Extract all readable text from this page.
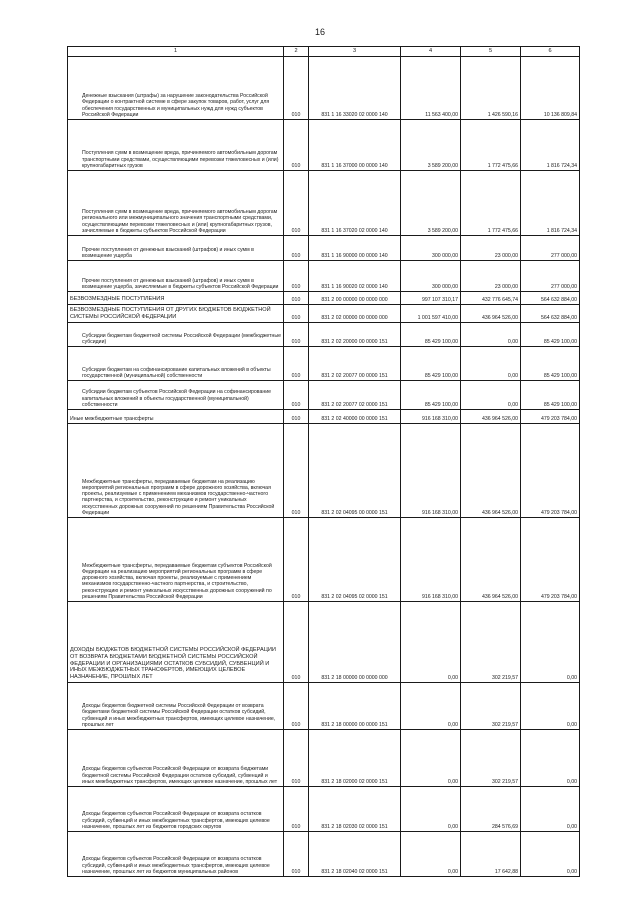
16
1	2	3	4	5	6
Денежные взыскания (штрафы) за нарушение законодательства Российской Федерации о контрактной системе в сфере закупок товаров, работ, услуг для обеспечения государственных и муниципальных нужд для нужд субъектов Российской Федерации	010	831 1 16 33020 02 0000 140	11 563 400,00	1 426 590,16	10 136 809,84
Поступления сумм в возмещение вреда, причиняемого автомобильным дорогам транспортными средствами, осуществляющими перевозки тяжеловесных и (или) крупногабаритных грузов	010	831 1 16 37000 00 0000 140	3 589 200,00	1 772 475,66	1 816 724,34
Поступления сумм в возмещение вреда, причиняемого автомобильным дорогам регионального или межмуниципального значения транспортными средствами, осуществляющими перевозки тяжеловесных и (или) крупногабаритных грузов, зачисляемые в бюджеты субъектов Российской Федерации	010	831 1 16 37020 02 0000 140	3 589 200,00	1 772 475,66	1 816 724,34
Прочие поступления от денежных взысканий (штрафов) и иных сумм в возмещение ущерба	010	831 1 16 90000 00 0000 140	300 000,00	23 000,00	277 000,00
Прочие поступления от денежных взысканий (штрафов) и иных сумм в возмещение ущерба, зачисляемые в бюджеты субъектов Российской Федерации	010	831 1 16 90020 02 0000 140	300 000,00	23 000,00	277 000,00
БЕЗВОЗМЕЗДНЫЕ ПОСТУПЛЕНИЯ	010	831 2 00 00000 00 0000 000	997 107 310,17	432 776 645,74	564 632 884,00
БЕЗВОЗМЕЗДНЫЕ ПОСТУПЛЕНИЯ ОТ ДРУГИХ БЮДЖЕТОВ БЮДЖЕТНОЙ СИСТЕМЫ РОССИЙСКОЙ ФЕДЕРАЦИИ	010	831 2 02 00000 00 0000 000	1 001 597 410,00	436 964 526,00	564 632 884,00
Субсидии бюджетам бюджетной системы Российской Федерации (межбюджетные субсидии)	010	831 2 02 20000 00 0000 151	85 429 100,00	0,00	85 429 100,00
Субсидии бюджетам на софинансирование капитальных вложений в объекты государственной (муниципальной) собственности	010	831 2 02 20077 00 0000 151	85 429 100,00	0,00	85 429 100,00
Субсидии бюджетам субъектов Российской Федерации на софинансирование капитальных вложений в объекты государственной (муниципальной) собственности	010	831 2 02 20077 02 0000 151	85 429 100,00	0,00	85 429 100,00
Иные межбюджетные трансферты	010	831 2 02 40000 00 0000 151	916 168 310,00	436 964 526,00	479 203 784,00
Межбюджетные трансферты, передаваемые бюджетам на реализацию мероприятий региональных программ в сфере дорожного хозяйства, включая проекты, реализуемые с применением механизмов государственно-частного партнерства, и строительство, реконструкцию и ремонт уникальных искусственных дорожных сооружений по решениям Правительства Российской Федерации	010	831 2 02 04095 00 0000 151	916 168 310,00	436 964 526,00	479 203 784,00
Межбюджетные трансферты, передаваемые бюджетам субъектов Российской Федерации на реализацию мероприятий региональных программ в сфере дорожного хозяйства, включая проекты, реализуемые с применением механизмов государственно-частного партнерства, и строительство, реконструкцию и ремонт уникальных искусственных дорожных сооружений по решениям Правительства Российской Федерации	010	831 2 02 04095 02 0000 151	916 168 310,00	436 964 526,00	479 203 784,00
ДОХОДЫ БЮДЖЕТОВ БЮДЖЕТНОЙ СИСТЕМЫ РОССИЙСКОЙ ФЕДЕРАЦИИ ОТ ВОЗВРАТА БЮДЖЕТАМИ БЮДЖЕТНОЙ СИСТЕМЫ РОССИЙСКОЙ ФЕДЕРАЦИИ И ОРГАНИЗАЦИЯМИ ОСТАТКОВ СУБСИДИЙ, СУБВЕНЦИЙ И ИНЫХ МЕЖБЮДЖЕТНЫХ ТРАНСФЕРТОВ, ИМЕЮЩИХ ЦЕЛЕВОЕ НАЗНАЧЕНИЕ, ПРОШЛЫХ ЛЕТ	010	831 2 18 00000 00 0000 000	0,00	302 219,57	0,00
Доходы бюджетов бюджетной системы Российской Федерации от возврата бюджетами бюджетной системы Российской Федерации остатков субсидий, субвенций и иных межбюджетных трансфертов, имеющих целевое назначение, прошлых лет	010	831 2 18 00000 00 0000 151	0,00	302 219,57	0,00
Доходы бюджетов субъектов Российской Федерации от возврата бюджетами бюджетной системы Российской Федерации остатков субсидий, субвенций и иных межбюджетных трансфертов, имеющих целевое назначение, прошлых лет	010	831 2 18 02000 02 0000 151	0,00	302 219,57	0,00
Доходы бюджетов субъектов Российской Федерации от возврата остатков субсидий, субвенций и иных межбюджетных трансфертов, имеющих целевое назначение, прошлых лет из бюджетов городских округов	010	831 2 18 02030 02 0000 151	0,00	284 576,69	0,00
Доходы бюджетов субъектов Российской Федерации от возврата остатков субсидий, субвенций и иных межбюджетных трансфертов, имеющих целевое назначение, прошлых лет из бюджетов муниципальных районов	010	831 2 18 02040 02 0000 151	0,00	17 642,88	0,00
